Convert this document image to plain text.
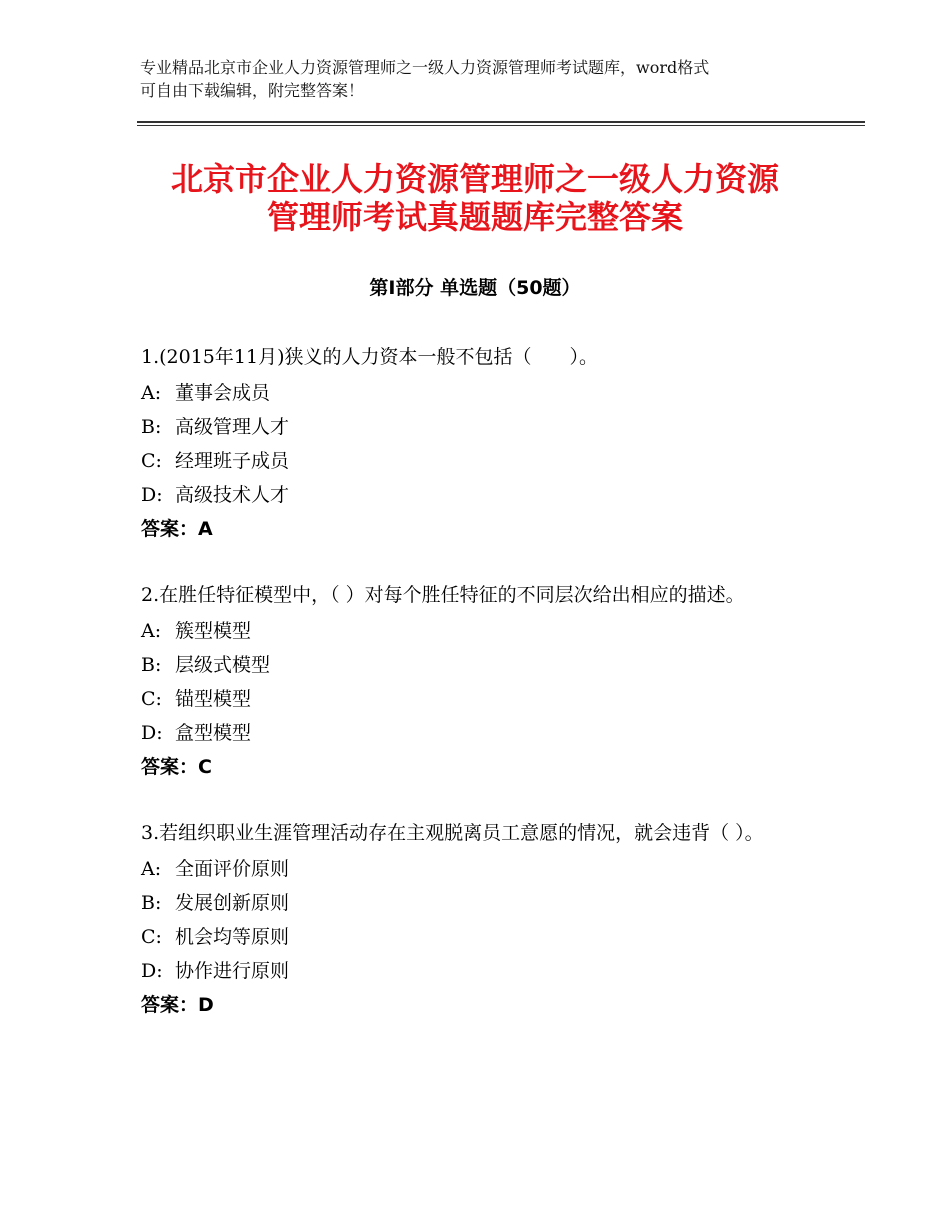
专业精品北京市企业人力资源管理师之一级人力资源管理师考试题库，word格式
可自由下载编辑，附完整答案！
北京市企业人力资源管理师之一级人力资源
管理师考试真题题库完整答案
第Ⅰ部分 单选题（50题）

1.(2015年11月)狭义的人力资本一般不包括（　　）。

A: 董事会成员
B: 高级管理人才
C: 经理班子成员
D: 高级技术人才
答案：A

2.在胜任特征模型中，（ ）对每个胜任特征的不同层次给出相应的描述。

A: 簇型模型
B: 层级式模型
C: 锚型模型
D: 盒型模型
答案：C

3.若组织职业生涯管理活动存在主观脱离员工意愿的情况，就会违背（ ）。

A: 全面评价原则
B: 发展创新原则
C: 机会均等原则
D: 协作进行原则
答案：D
